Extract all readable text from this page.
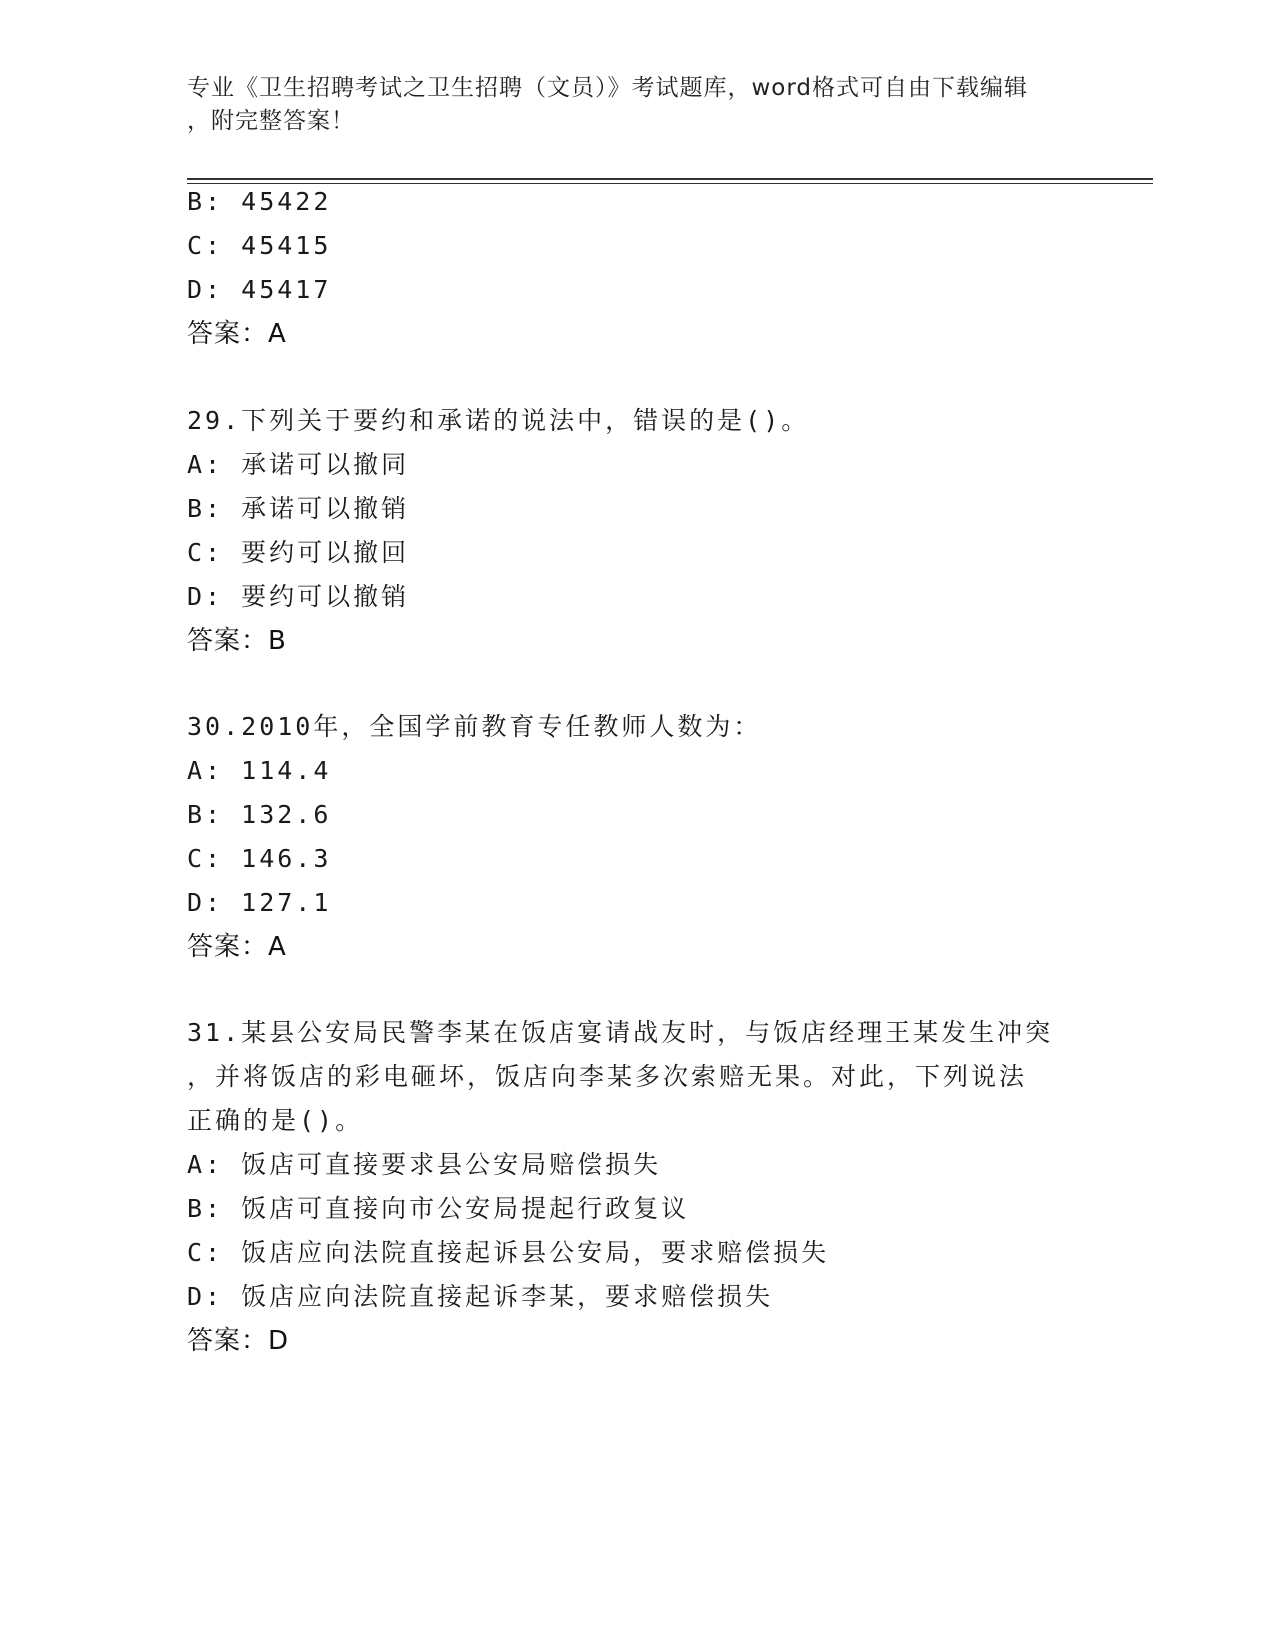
专业《卫生招聘考试之卫生招聘（文员）》考试题库，word格式可自由下载编辑
，附完整答案！
B: 45422
C: 45415
D: 45417
答案：A
29.下列关于要约和承诺的说法中，错误的是()。
A: 承诺可以撤同
B: 承诺可以撤销
C: 要约可以撤回
D: 要约可以撤销
答案：B
30.2010年，全国学前教育专任教师人数为：
A: 114.4
B: 132.6
C: 146.3
D: 127.1
答案：A
31.某县公安局民警李某在饭店宴请战友时，与饭店经理王某发生冲突
，并将饭店的彩电砸坏，饭店向李某多次索赔无果。对此，下列说法
正确的是()。
A: 饭店可直接要求县公安局赔偿损失
B: 饭店可直接向市公安局提起行政复议
C: 饭店应向法院直接起诉县公安局，要求赔偿损失
D: 饭店应向法院直接起诉李某，要求赔偿损失
答案：D
